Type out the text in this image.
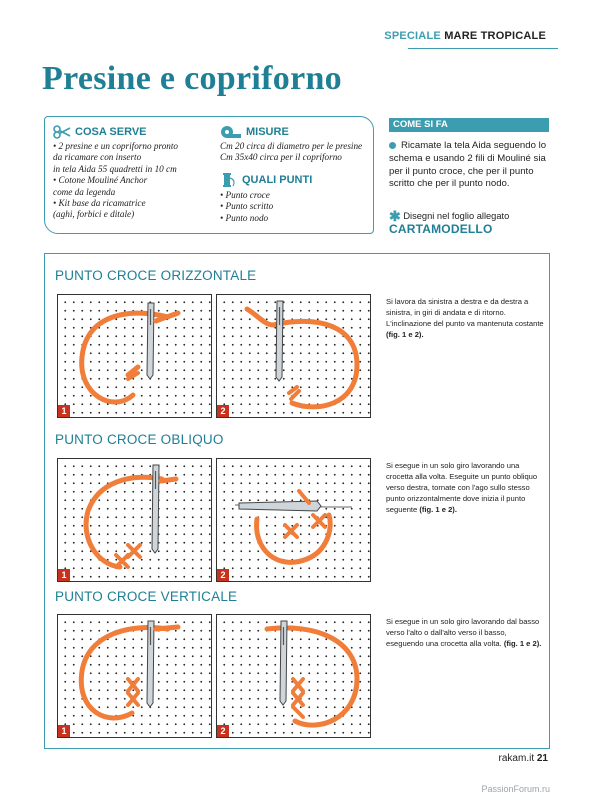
SPECIALE MARE TROPICALE
Presine e copriforno
COSA SERVE
• 2 presine e un copriforno pronto
da ricamare con inserto
in tela Aida 55 quadretti in 10 cm
• Cotone Mouliné Anchor
come da legenda
• Kit base da ricamatrice
(aghi, forbici e ditale)
MISURE
Cm 20 circa di diametro per le presine
Cm 35x40 circa per il copriforno
QUALI PUNTI
• Punto croce
• Punto scritto
• Punto nodo
COME SI FA
Ricamate la tela Aida seguendo lo schema e usando 2 fili di Mouliné sia per il punto croce, che per il punto scritto che per il punto nodo.
✱ Disegni nel foglio allegato
CARTAMODELLO
PUNTO CROCE ORIZZONTALE
1	2
Si lavora da sinistra a destra e da destra a sinistra, in giri di andata e di ritorno. L'inclinazione del punto va mantenuta costante (fig. 1 e 2).
PUNTO CROCE OBLIQUO
1	2
Si esegue in un solo giro lavorando una crocetta alla volta. Eseguite un punto obliquo verso destra, tornate con l'ago sullo stesso punto orizzontalmente dove inizia il punto seguente (fig. 1 e 2).
PUNTO CROCE VERTICALE
1	2
Si esegue in un solo giro lavorando dal basso verso l'alto o dall'alto verso il basso, eseguendo una crocetta alla volta. (fig. 1 e 2).
rakam.it 21
PassionForum.ru
